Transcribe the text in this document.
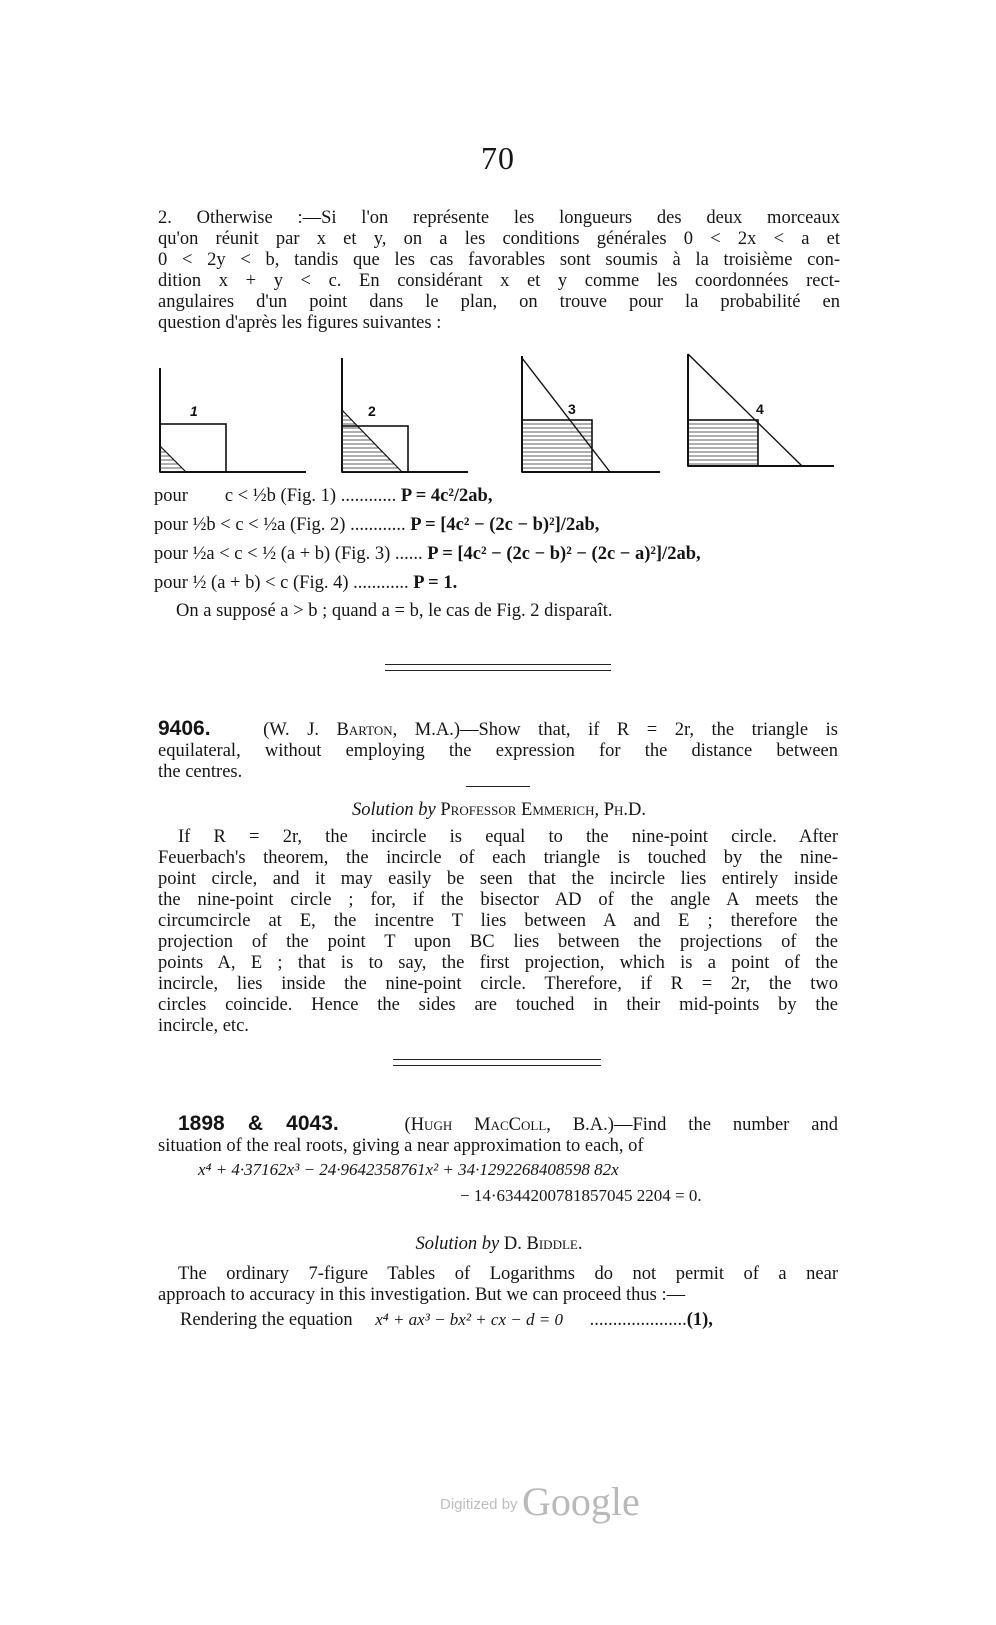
70
2. Otherwise :—Si l'on représente les longueurs des deux morceaux
qu'on réunit par x et y, on a les conditions générales 0 < 2x < a et
0 < 2y < b, tandis que les cas favorables sont soumis à la troisième con-
dition x + y < c. En considérant x et y comme les coordonnées rect-
angulaires d'un point dans le plan, on trouve pour la probabilité en
question d'après les figures suivantes :
1	2	3	4
pour        c < ½b (Fig. 1) ............ P = 4c²/2ab,
pour ½b < c < ½a (Fig. 2) ............ P = [4c² − (2c − b)²]/2ab,
pour ½a < c < ½ (a + b) (Fig. 3) ...... P = [4c² − (2c − b)² − (2c − a)²]/2ab,
pour ½ (a + b) < c (Fig. 4) ............ P = 1.
On a supposé a > b ; quand a = b, le cas de Fig. 2 disparaît.
9406.	(W. J. Barton, M.A.)—Show that, if R = 2r, the triangle is
equilateral, without employing the expression for the distance between
the centres.
Solution by Professor Emmerich, Ph.D.
If R = 2r, the incircle is equal to the nine-point circle. After
Feuerbach's theorem, the incircle of each triangle is touched by the nine-
point circle, and it may easily be seen that the incircle lies entirely inside
the nine-point circle ; for, if the bisector AD of the angle A meets the
circumcircle at E, the incentre T lies between A and E ; therefore the
projection of the point T upon BC lies between the projections of the
points A, E ; that is to say, the first projection, which is a point of the
incircle, lies inside the nine-point circle. Therefore, if R = 2r, the two
circles coincide. Hence the sides are touched in their mid-points by the
incircle, etc.
1898 & 4043.	(Hugh MacColl, B.A.)—Find the number and
situation of the real roots, giving a near approximation to each, of
x⁴ + 4·37162x³ − 24·9642358761x² + 34·1292268408598 82x
− 14·6344200781857045 2204 = 0.
Solution by D. Biddle.
The ordinary 7-figure Tables of Logarithms do not permit of a near
approach to accuracy in this investigation. But we can proceed thus :—
Rendering the equation x⁴ + ax³ − bx² + cx − d = 0 .....................(1),
Digitized by Google
